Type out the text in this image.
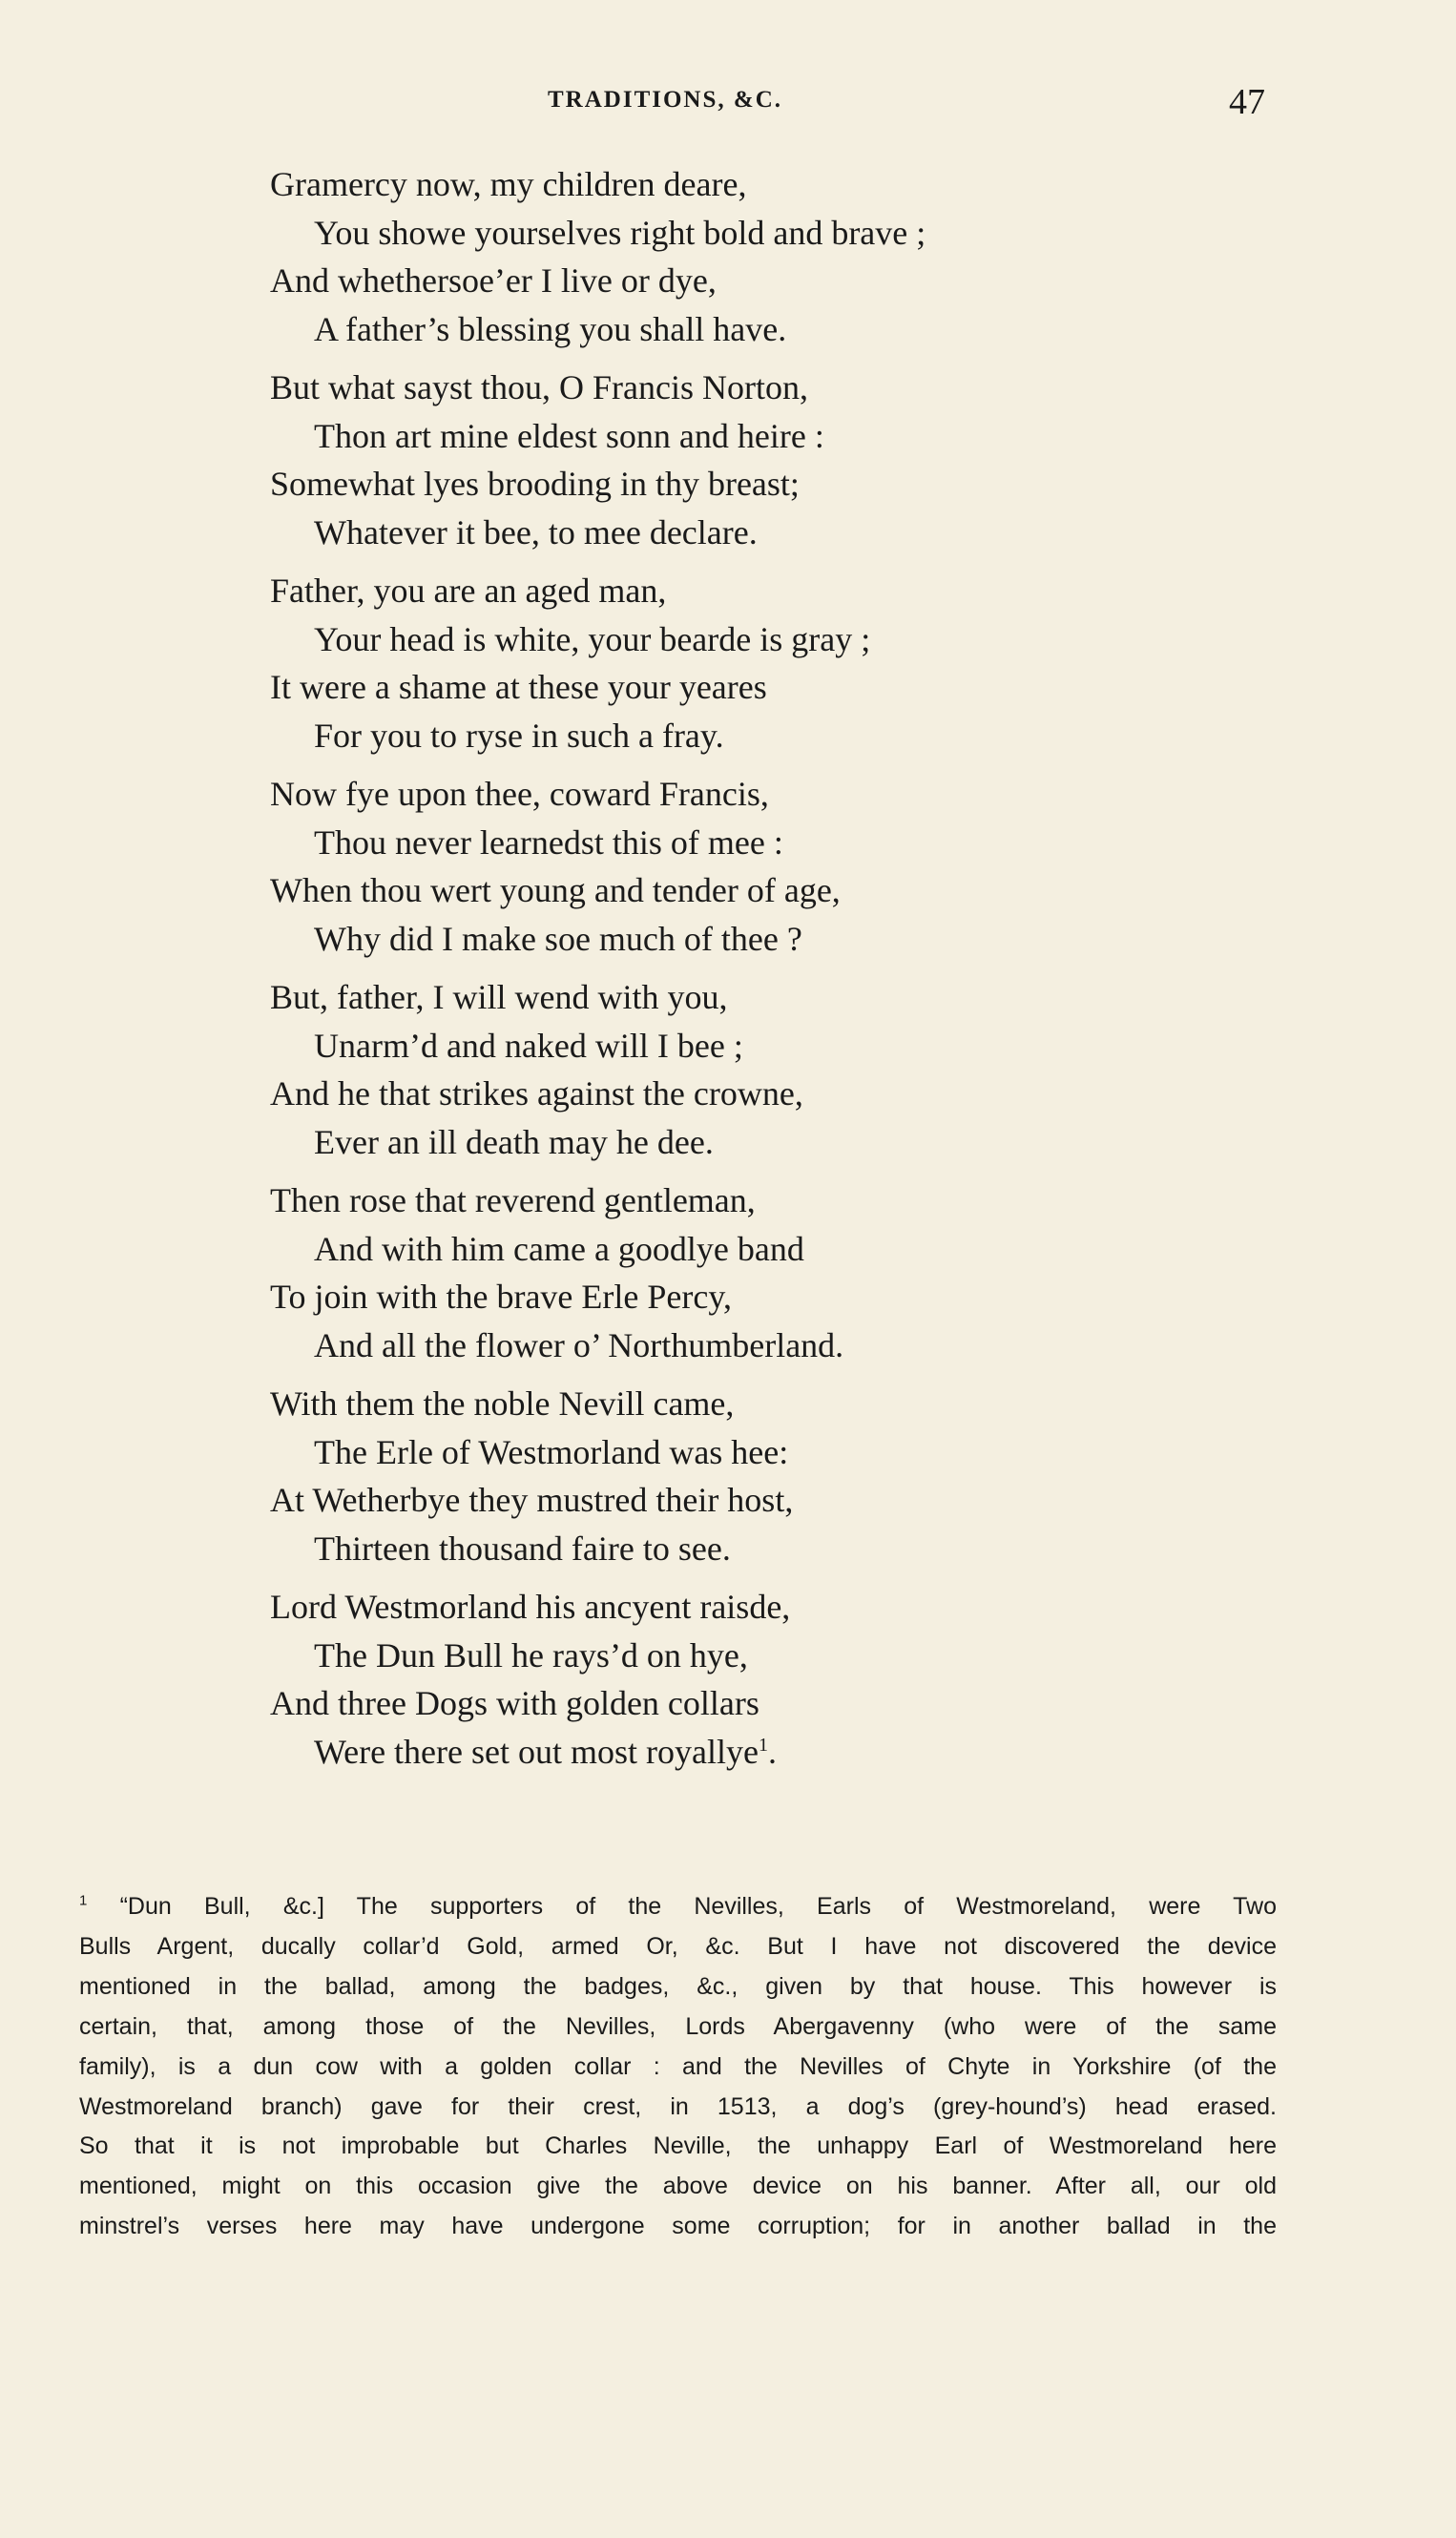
TRADITIONS, &C.	47
Gramercy now, my children deare,
You showe yourselves right bold and brave ;
And whethersoe’er I live or dye,
A father’s blessing you shall have.
But what sayst thou, O Francis Norton,
Thon art mine eldest sonn and heire :
Somewhat lyes brooding in thy breast;
Whatever it bee, to mee declare.
Father, you are an aged man,
Your head is white, your bearde is gray ;
It were a shame at these your yeares
For you to ryse in such a fray.
Now fye upon thee, coward Francis,
Thou never learnedst this of mee :
When thou wert young and tender of age,
Why did I make soe much of thee ?
But, father, I will wend with you,
Unarm’d and naked will I bee ;
And he that strikes against the crowne,
Ever an ill death may he dee.
Then rose that reverend gentleman,
And with him came a goodlye band
To join with the brave Erle Percy,
And all the flower o’ Northumberland.
With them the noble Nevill came,
The Erle of Westmorland was hee:
At Wetherbye they mustred their host,
Thirteen thousand faire to see.
Lord Westmorland his ancyent raisde,
The Dun Bull he rays’d on hye,
And three Dogs with golden collars
Were there set out most royallye$^1$.
$^1$ “Dun Bull, &c.] The supporters of the Nevilles, Earls of Westmoreland, were Two
Bulls Argent, ducally collar’d Gold, armed Or, &c. But I have not discovered the device
mentioned in the ballad, among the badges, &c., given by that house. This however is
certain, that, among those of the Nevilles, Lords Abergavenny (who were of the same
family), is a dun cow with a golden collar : and the Nevilles of Chyte in Yorkshire (of the
Westmoreland branch) gave for their crest, in 1513, a dog’s (grey-hound’s) head erased.
So that it is not improbable but Charles Neville, the unhappy Earl of Westmoreland here
mentioned, might on this occasion give the above device on his banner. After all, our old
minstrel’s verses here may have undergone some corruption; for in another ballad in the
